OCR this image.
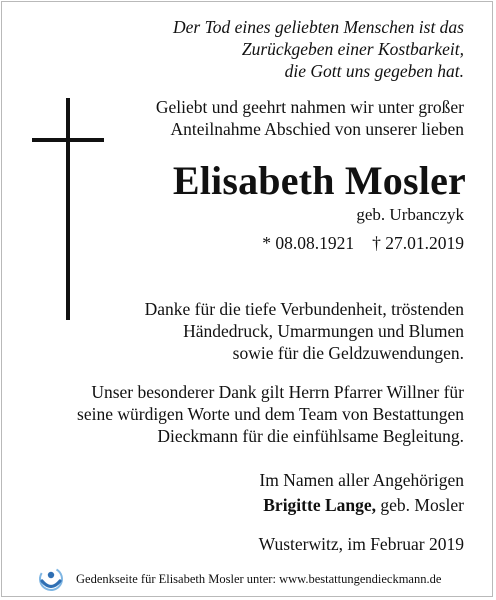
Der Tod eines geliebten Menschen ist das
Zurückgeben einer Kostbarkeit,
die Gott uns gegeben hat.
Geliebt und geehrt nahmen wir unter großer
Anteilnahme Abschied von unserer lieben
Elisabeth Mosler
geb. Urbanczyk
* 08.08.1921 † 27.01.2019
Danke für die tiefe Verbundenheit, tröstenden
Händedruck, Umarmungen und Blumen
sowie für die Geldzuwendungen.
Unser besonderer Dank gilt Herrn Pfarrer Willner für
seine würdigen Worte und dem Team von Bestattungen
Dieckmann für die einfühlsame Begleitung.
Im Namen aller Angehörigen
Brigitte Lange, geb. Mosler
Wusterwitz, im Februar 2019
Gedenkseite für Elisabeth Mosler unter: www.bestattungendieckmann.de
